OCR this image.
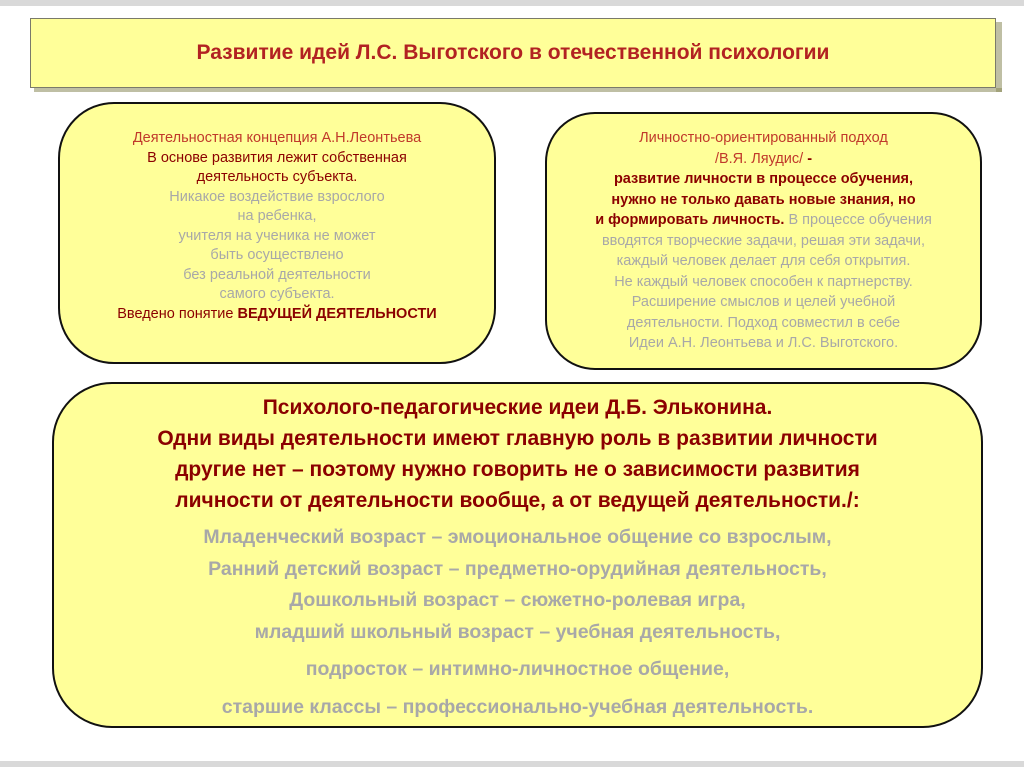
Развитие идей Л.С. Выготского в отечественной психологии
Деятельностная концепция А.Н.Леонтьева
В основе развития лежит собственная
деятельность субъекта.
Никакое воздействие взрослого
на ребенка,
учителя на ученика не может
быть осуществлено
без реальной деятельности
самого субъекта.
Введено понятие ВЕДУЩЕЙ ДЕЯТЕЛЬНОСТИ
Личностно-ориентированный подход
/В.Я. Ляудис/ -
развитие личности в процессе обучения,
нужно не только давать новые знания, но
и формировать личность. В процессе обучения
вводятся творческие задачи, решая эти задачи,
каждый человек делает для себя открытия.
Не каждый человек способен к партнерству.
Расширение смыслов и целей учебной
деятельности. Подход совместил в себе
Идеи А.Н. Леонтьева и Л.С. Выготского.
Психолого-педагогические идеи Д.Б. Эльконина.
Одни виды деятельности имеют главную роль в развитии личности
другие нет – поэтому нужно говорить не о зависимости развития
личности от деятельности вообще, а от ведущей деятельности./:
Младенческий возраст – эмоциональное общение со взрослым,
Ранний детский возраст – предметно-орудийная деятельность,
Дошкольный возраст – сюжетно-ролевая игра,
младший школьный возраст – учебная деятельность,
подросток – интимно-личностное общение,
старшие классы – профессионально-учебная деятельность.
